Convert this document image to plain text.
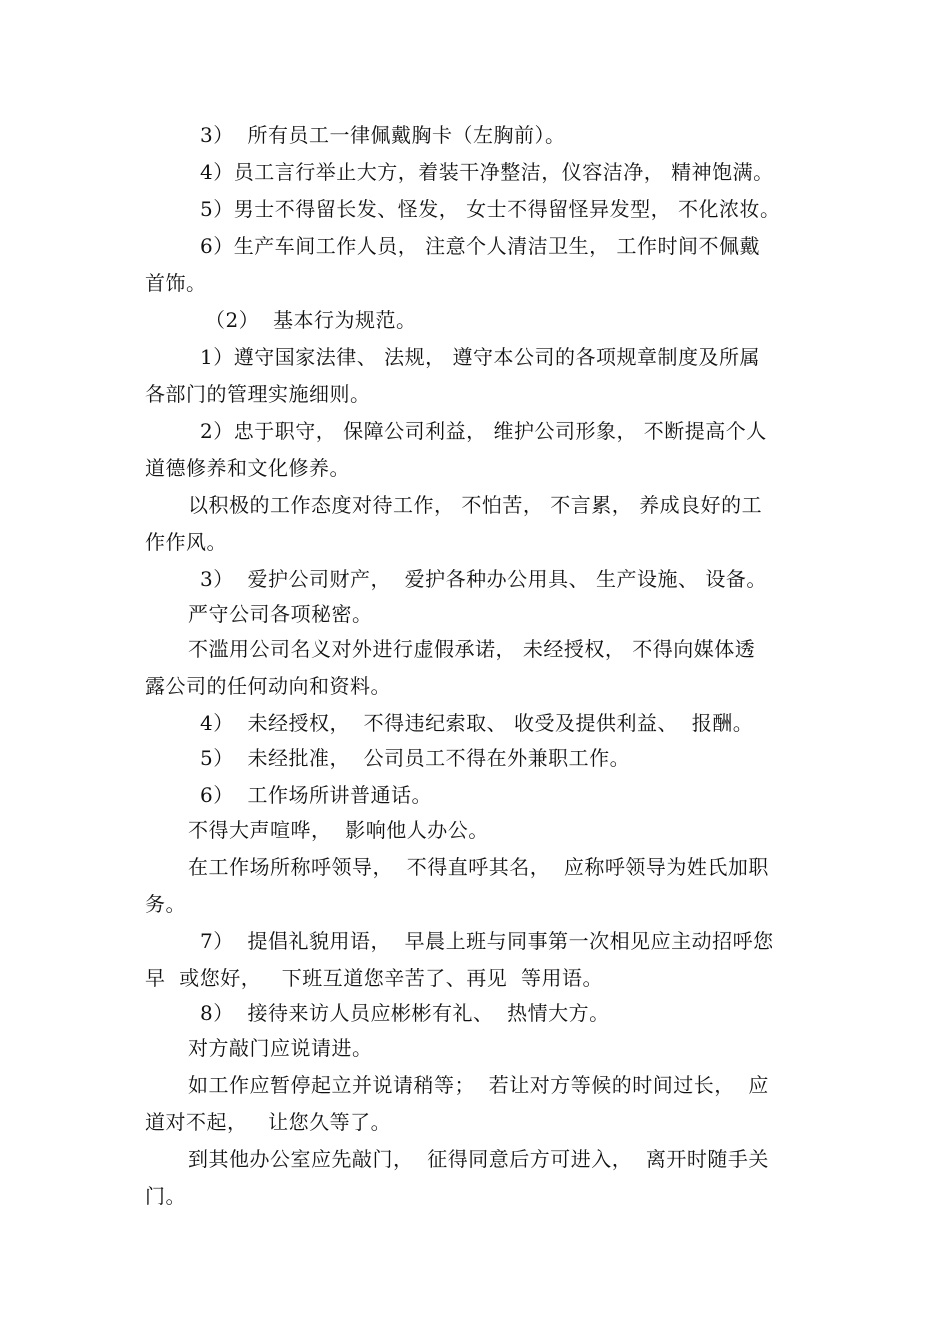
3）  所有员工一律佩戴胸卡（左胸前）。
4）员工言行举止大方，着装干净整洁，仪容洁净， 精神饱满。
5）男士不得留长发、怪发， 女士不得留怪异发型， 不化浓妆。
6）生产车间工作人员， 注意个人清洁卫生， 工作时间不佩戴
首饰。
（2）  基本行为规范。
1）遵守国家法律、 法规， 遵守本公司的各项规章制度及所属
各部门的管理实施细则。
2）忠于职守， 保障公司利益， 维护公司形象， 不断提高个人
道德修养和文化修养。
以积极的工作态度对待工作， 不怕苦， 不言累， 养成良好的工
作作风。
3）  爱护公司财产，  爱护各种办公用具、 生产设施、 设备。
严守公司各项秘密。
不滥用公司名义对外进行虚假承诺， 未经授权， 不得向媒体透
露公司的任何动向和资料。
4）  未经授权，  不得违纪索取、 收受及提供利益、  报酬。
5）  未经批准，  公司员工不得在外兼职工作。
6）  工作场所讲普通话。
不得大声喧哗，  影响他人办公。
在工作场所称呼领导，  不得直呼其名，  应称呼领导为姓氏加职
务。
7）  提倡礼貌用语，  早晨上班与同事第一次相见应主动招呼您
早  或您好，   下班互道您辛苦了、再见  等用语。
8）  接待来访人员应彬彬有礼、  热情大方。
对方敲门应说请进。
如工作应暂停起立并说请稍等；  若让对方等候的时间过长，  应
道对不起，   让您久等了。
到其他办公室应先敲门，  征得同意后方可进入，  离开时随手关
门。
